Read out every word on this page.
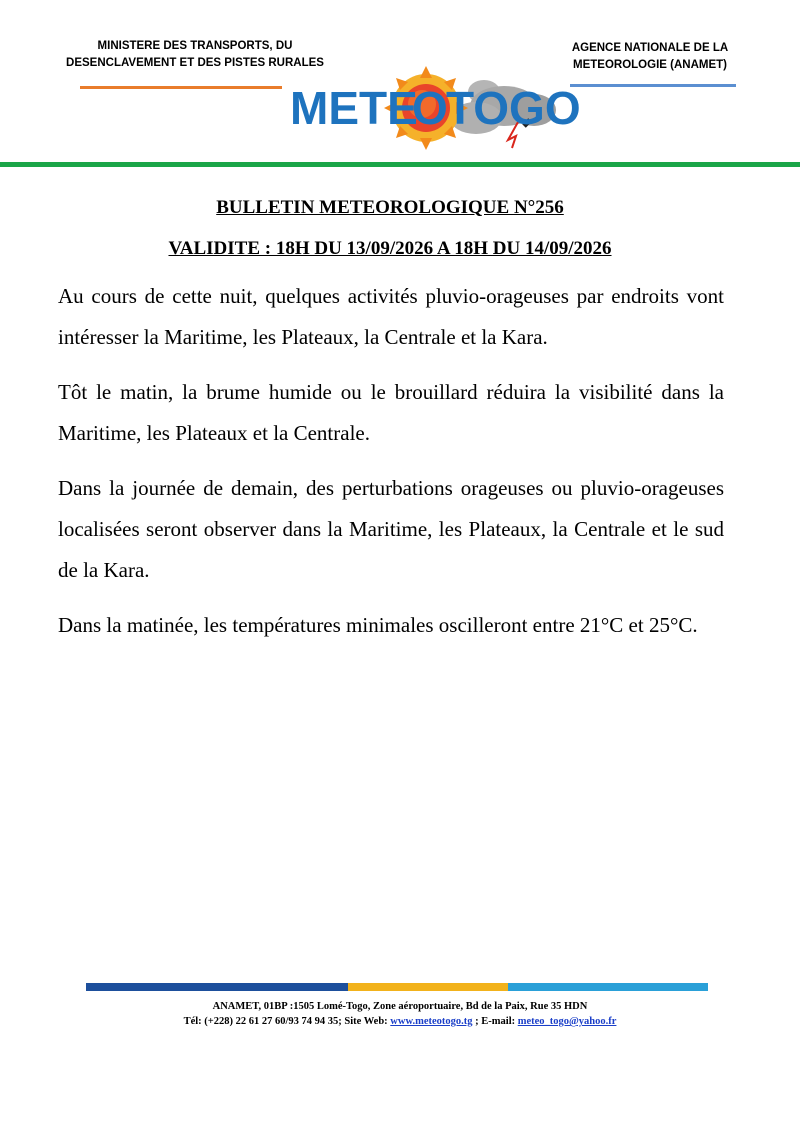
MINISTERE DES TRANSPORTS, DU
DESENCLAVEMENT ET DES PISTES RURALES
AGENCE NATIONALE DE LA
METEOROLOGIE (ANAMET)
METE
O
TOGO
BULLETIN METEOROLOGIQUE N°256
VALIDITE : 18H DU 13/09/2026 A 18H DU 14/09/2026

Au cours de cette nuit, quelques activités pluvio-orageuses par endroits vont intéresser la Maritime, les Plateaux, la Centrale et la Kara.

Tôt le matin, la brume humide ou le brouillard réduira la visibilité dans la Maritime, les Plateaux et la Centrale.

Dans la journée de demain, des perturbations orageuses ou pluvio-orageuses localisées seront observer dans la Maritime, les Plateaux, la Centrale et le sud de la Kara.

Dans la matinée, les températures minimales oscilleront entre 21°C et 25°C.

ANAMET, 01BP :1505 Lomé-Togo, Zone aéroportuaire, Bd de la Paix, Rue 35 HDN
Tél: (+228) 22 61 27 60/93 74 94 35; Site Web: www.meteotogo.tg ; E-mail: meteo_togo@yahoo.fr
